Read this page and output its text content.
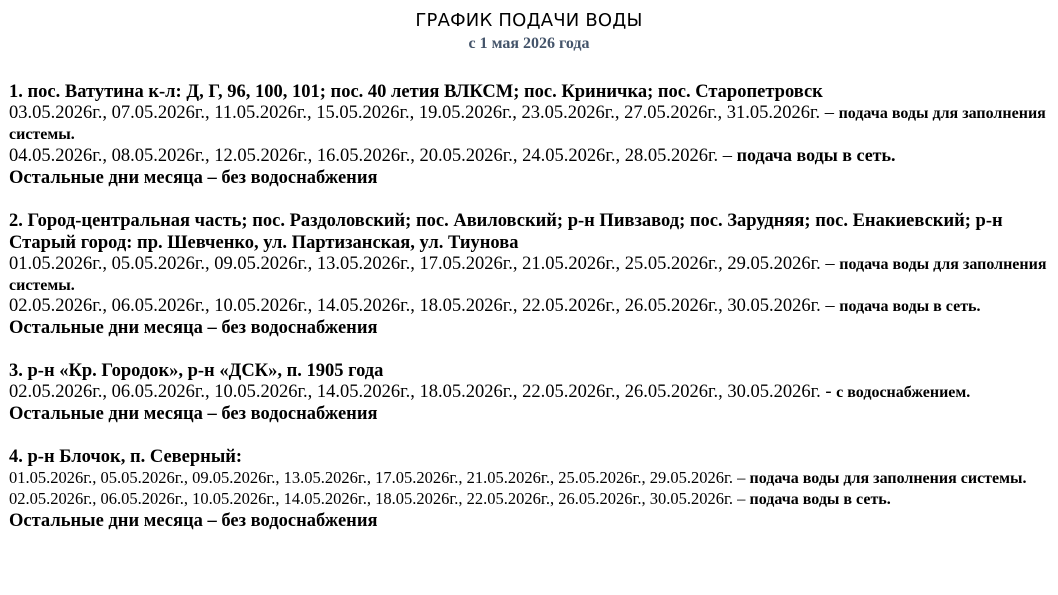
ГРАФИК ПОДАЧИ ВОДЫ
с 1 мая 2026 года
1. пос. Ватутина к-л: Д, Г, 96, 100, 101; пос. 40 летия ВЛКСМ; пос. Криничка; пос. Старопетровск
03.05.2026г., 07.05.2026г., 11.05.2026г., 15.05.2026г., 19.05.2026г., 23.05.2026г., 27.05.2026г., 31.05.2026г. – подача воды для заполнения системы.
04.05.2026г., 08.05.2026г., 12.05.2026г., 16.05.2026г., 20.05.2026г., 24.05.2026г., 28.05.2026г. – подача воды в сеть.
Остальные дни месяца – без водоснабжения
2. Город-центральная часть; пос. Раздоловский; пос. Авиловский; р-н Пивзавод; пос. Зарудняя; пос. Енакиевский; р-н Старый город: пр. Шевченко, ул. Партизанская, ул. Тиунова
01.05.2026г., 05.05.2026г., 09.05.2026г., 13.05.2026г., 17.05.2026г., 21.05.2026г., 25.05.2026г., 29.05.2026г. – подача воды для заполнения системы.
02.05.2026г., 06.05.2026г., 10.05.2026г., 14.05.2026г., 18.05.2026г., 22.05.2026г., 26.05.2026г., 30.05.2026г. – подача воды в сеть.
Остальные дни месяца – без водоснабжения
3. р-н «Кр. Городок», р-н «ДСК», п. 1905 года
02.05.2026г., 06.05.2026г., 10.05.2026г., 14.05.2026г., 18.05.2026г., 22.05.2026г., 26.05.2026г., 30.05.2026г. - с водоснабжением.
Остальные дни месяца – без водоснабжения
4. р-н Блочок, п. Северный:
01.05.2026г., 05.05.2026г., 09.05.2026г., 13.05.2026г., 17.05.2026г., 21.05.2026г., 25.05.2026г., 29.05.2026г. – подача воды для заполнения системы.
02.05.2026г., 06.05.2026г., 10.05.2026г., 14.05.2026г., 18.05.2026г., 22.05.2026г., 26.05.2026г., 30.05.2026г. – подача воды в сеть.
Остальные дни месяца – без водоснабжения
